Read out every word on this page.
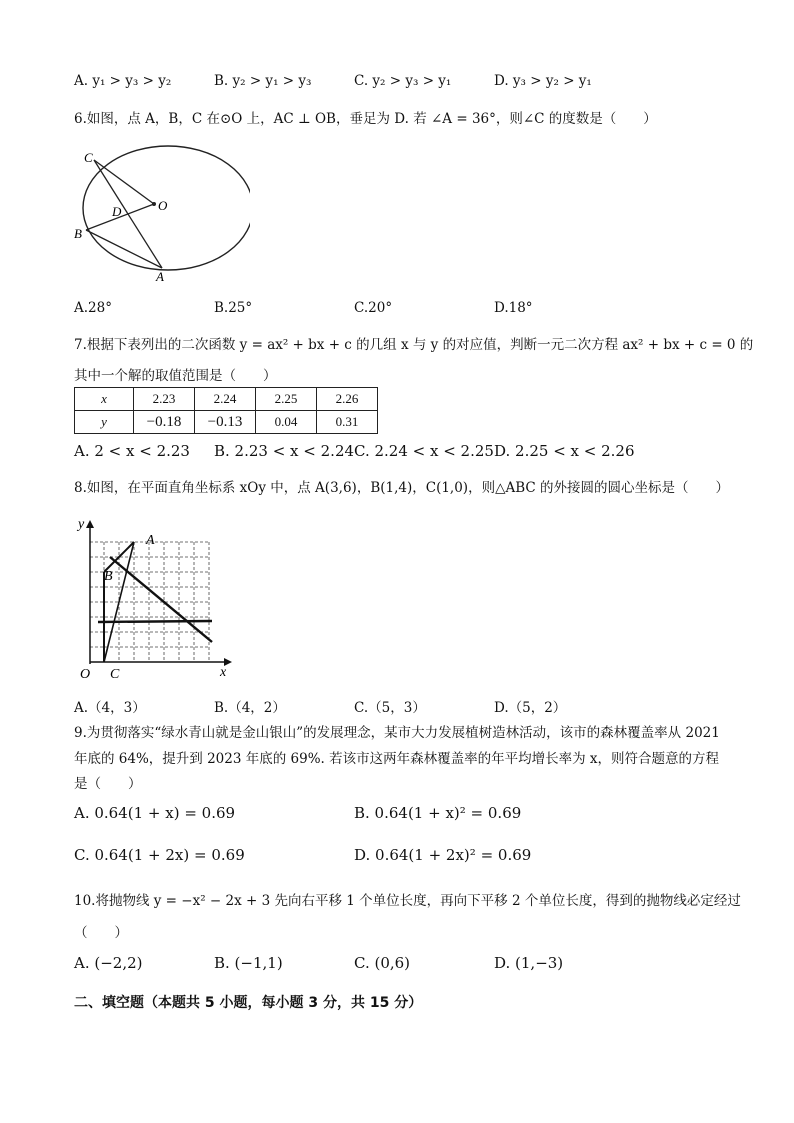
A. y₁ > y₃ > y₂	B. y₂ > y₁ > y₃	C. y₂ > y₃ > y₁	D. y₃ > y₂ > y₁
6.如图，点 A，B，C 在⊙O 上，AC ⊥ OB，垂足为 D. 若 ∠A = 36°，则∠C 的度数是（　　）
C
D	O
B
A
A.28°	B.25°	C.20°	D.18°
7.根据下表列出的二次函数 y = ax² + bx + c 的几组 x 与 y 的对应值，判断一元二次方程 ax² + bx + c = 0 的
其中一个解的取值范围是（　　）
x	2.23	2.24	2.25	2.26
y	−0.18	−0.13	0.04	0.31
A. 2 < x < 2.23 B. 2.23 < x < 2.24 C. 2.24 < x < 2.25 D. 2.25 < x < 2.26
8.如图，在平面直角坐标系 xOy 中，点 A(3,6)，B(1,4)，C(1,0)，则△ABC 的外接圆的圆心坐标是（　　）
y
A
B
O C	x
A.（4，3）	B.（4，2）	C.（5，3）	D.（5，2）
9.为贯彻落实“绿水青山就是金山银山”的发展理念，某市大力发展植树造林活动，该市的森林覆盖率从 2021
年底的 64%，提升到 2023 年底的 69%. 若该市这两年森林覆盖率的年平均增长率为 x，则符合题意的方程
是（　　）
A. 0.64(1 + x) = 0.69	B. 0.64(1 + x)² = 0.69
C. 0.64(1 + 2x) = 0.69	D. 0.64(1 + 2x)² = 0.69
10.将抛物线 y = −x² − 2x + 3 先向右平移 1 个单位长度，再向下平移 2 个单位长度，得到的抛物线必定经过
（　　）
A. (−2,2)	B. (−1,1)	C. (0,6)	D. (1,−3)
二、填空题（本题共 5 小题，每小题 3 分，共 15 分）
